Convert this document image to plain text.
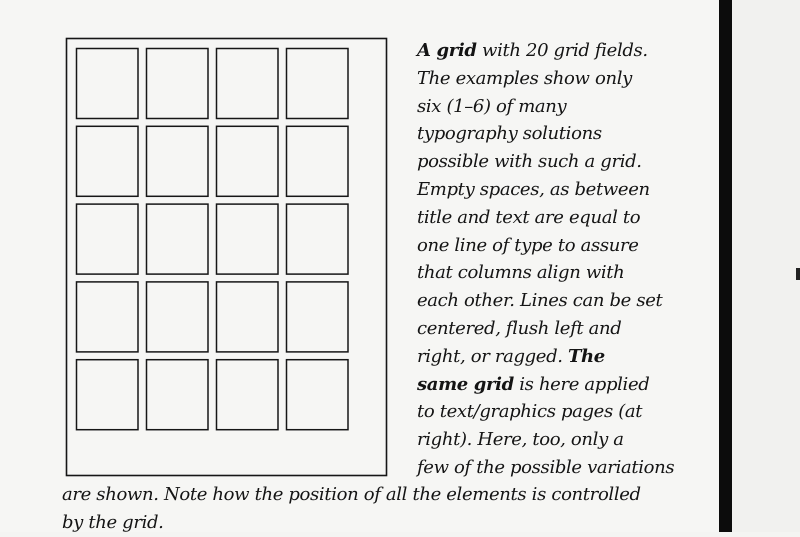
A grid with 20 grid fields.
The examples show only
six (1–6) of many
typography solutions
possible with such a grid.
Empty spaces, as between
title and text are equal to
one line of type to assure
that columns align with
each other. Lines can be set
centered, flush left and
right, or ragged. The
same grid is here applied
to text/graphics pages (at
right). Here, too, only a
few of the possible variations
are shown. Note how the position of all the elements is controlled
by the grid.
